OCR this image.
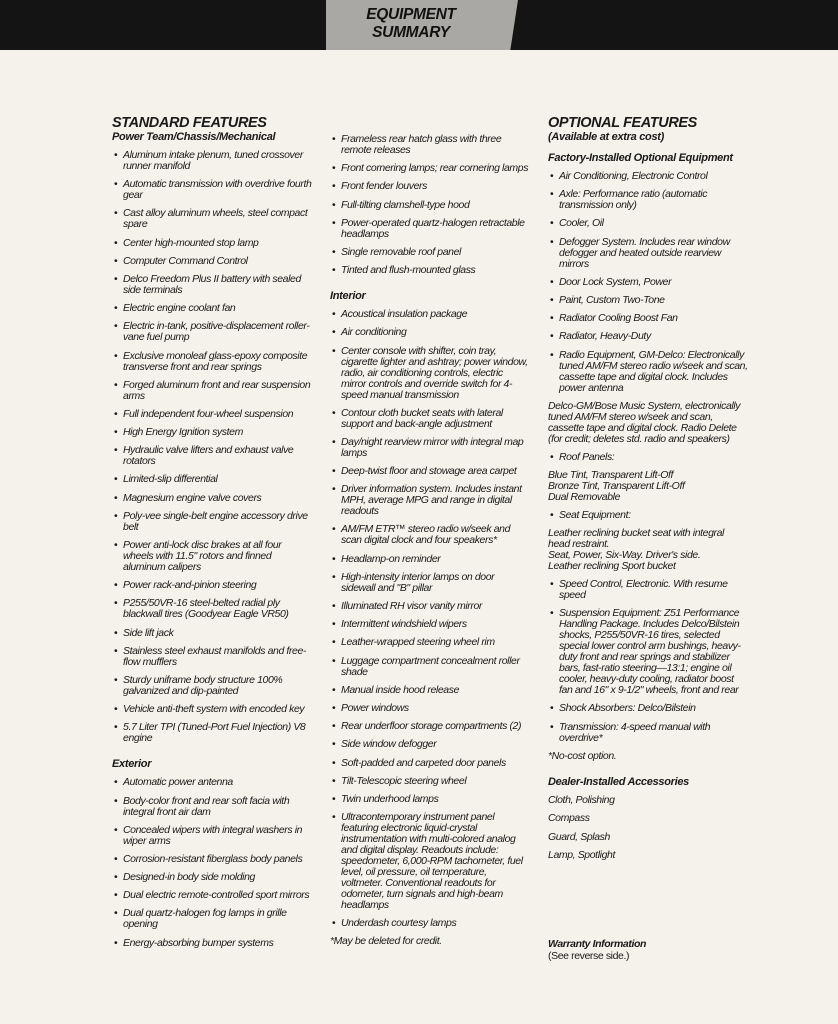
EQUIPMENT
SUMMARY
STANDARD FEATURES
Power Team/Chassis/Mechanical
• Aluminum intake plenum, tuned crossover runner manifold
• Automatic transmission with overdrive fourth gear
• Cast alloy aluminum wheels, steel compact spare
• Center high-mounted stop lamp
• Computer Command Control
• Delco Freedom Plus II battery with sealed side terminals
• Electric engine coolant fan
• Electric in-tank, positive-displacement roller-vane fuel pump
• Exclusive monoleaf glass-epoxy composite transverse front and rear springs
• Forged aluminum front and rear suspension arms
• Full independent four-wheel suspension
• High Energy Ignition system
• Hydraulic valve lifters and exhaust valve rotators
• Limited-slip differential
• Magnesium engine valve covers
• Poly-vee single-belt engine accessory drive belt
• Power anti-lock disc brakes at all four wheels with 11.5" rotors and finned aluminum calipers
• Power rack-and-pinion steering
• P255/50VR-16 steel-belted radial ply blackwall tires (Goodyear Eagle VR50)
• Side lift jack
• Stainless steel exhaust manifolds and free-flow mufflers
• Sturdy uniframe body structure 100% galvanized and dip-painted
• Vehicle anti-theft system with encoded key
• 5.7 Liter TPI (Tuned-Port Fuel Injection) V8 engine
Exterior
• Automatic power antenna
• Body-color front and rear soft facia with integral front air dam
• Concealed wipers with integral washers in wiper arms
• Corrosion-resistant fiberglass body panels
• Designed-in body side molding
• Dual electric remote-controlled sport mirrors
• Dual quartz-halogen fog lamps in grille opening
• Energy-absorbing bumper systems
• Frameless rear hatch glass with three remote releases
• Front cornering lamps; rear cornering lamps
• Front fender louvers
• Full-tilting clamshell-type hood
• Power-operated quartz-halogen retractable headlamps
• Single removable roof panel
• Tinted and flush-mounted glass
Interior
• Acoustical insulation package
• Air conditioning
• Center console with shifter, coin tray, cigarette lighter and ashtray; power window, radio, air conditioning controls, electric mirror controls and override switch for 4-speed manual transmission
• Contour cloth bucket seats with lateral support and back-angle adjustment
• Day/night rearview mirror with integral map lamps
• Deep-twist floor and stowage area carpet
• Driver information system. Includes instant MPH, average MPG and range in digital readouts
• AM/FM ETR™ stereo radio w/seek and scan digital clock and four speakers*
• Headlamp-on reminder
• High-intensity interior lamps on door sidewall and "B" pillar
• Illuminated RH visor vanity mirror
• Intermittent windshield wipers
• Leather-wrapped steering wheel rim
• Luggage compartment concealment roller shade
• Manual inside hood release
• Power windows
• Rear underfloor storage compartments (2)
• Side window defogger
• Soft-padded and carpeted door panels
• Tilt-Telescopic steering wheel
• Twin underhood lamps
• Ultracontemporary instrument panel featuring electronic liquid-crystal instrumentation with multi-colored analog and digital display. Readouts include: speedometer, 6,000-RPM tachometer, fuel level, oil pressure, oil temperature, voltmeter. Conventional readouts for odometer, turn signals and high-beam headlamps
• Underdash courtesy lamps

*May be deleted for credit.

OPTIONAL FEATURES
(Available at extra cost)
Factory-Installed Optional Equipment
• Air Conditioning, Electronic Control
• Axle: Performance ratio (automatic transmission only)
• Cooler, Oil
• Defogger System. Includes rear window defogger and heated outside rearview mirrors
• Door Lock System, Power
• Paint, Custom Two-Tone
• Radiator Cooling Boost Fan
• Radiator, Heavy-Duty
• Radio Equipment, GM-Delco: Electronically tuned AM/FM stereo radio w/seek and scan, cassette tape and digital clock. Includes power antenna

Delco-GM/Bose Music System, electronically tuned AM/FM stereo w/seek and scan, cassette tape and digital clock. Radio Delete (for credit; deletes std. radio and speakers)

• Roof Panels:

Blue Tint, Transparent Lift-Off
Bronze Tint, Transparent Lift-Off
Dual Removable

• Seat Equipment:

Leather reclining bucket seat with integral head restraint.
Seat, Power, Six-Way. Driver's side.
Leather reclining Sport bucket

• Speed Control, Electronic. With resume speed
• Suspension Equipment: Z51 Performance Handling Package. Includes Delco/Bilstein shocks, P255/50VR-16 tires, selected special lower control arm bushings, heavy-duty front and rear springs and stabilizer bars, fast-ratio steering—13:1; engine oil cooler, heavy-duty cooling, radiator boost fan and 16" x 9-1/2" wheels, front and rear
• Shock Absorbers: Delco/Bilstein
• Transmission: 4-speed manual with overdrive*

*No-cost option.

Dealer-Installed Accessories
Cloth, Polishing
Compass
Guard, Splash
Lamp, Spotlight
Warranty Information
(See reverse side.)
